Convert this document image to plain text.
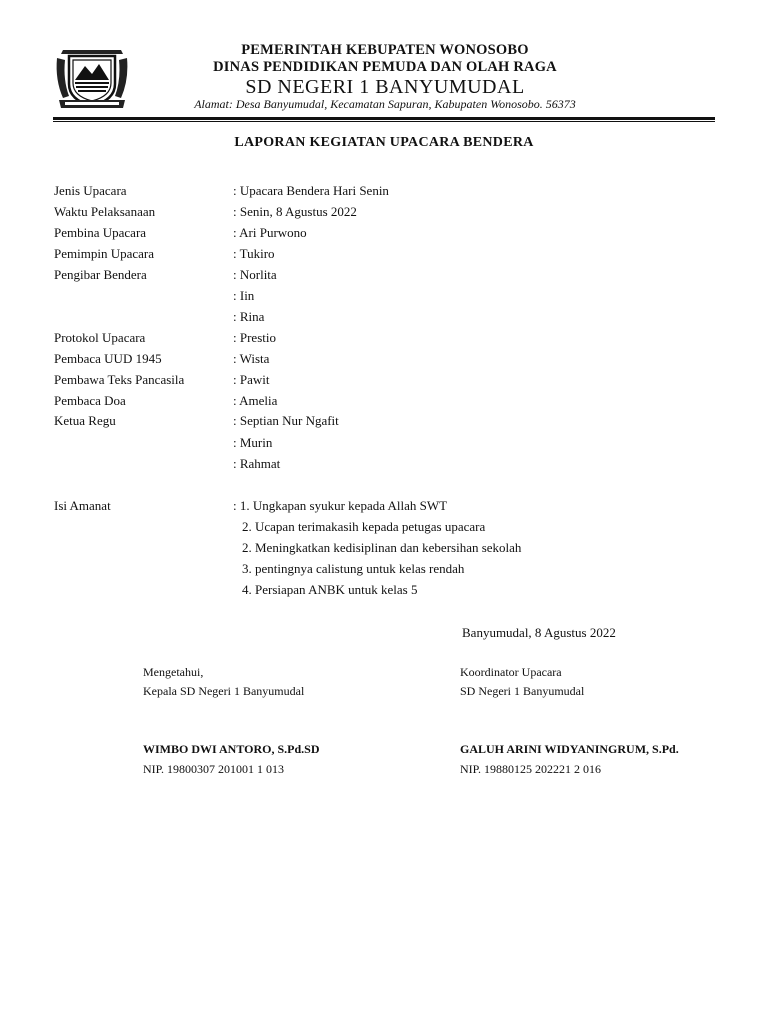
PEMERINTAH KEBUPATEN WONOSOBO
DINAS PENDIDIKAN PEMUDA DAN OLAH RAGA
SD NEGERI 1 BANYUMUDAL
Alamat: Desa Banyumudal, Kecamatan Sapuran, Kabupaten Wonosobo. 56373
LAPORAN KEGIATAN UPACARA BENDERA
Jenis Upacara	: Upacara Bendera Hari Senin
Waktu Pelaksanaan	: Senin, 8 Agustus 2022
Pembina Upacara	: Ari Purwono
Pemimpin Upacara	: Tukiro
Pengibar Bendera	: Norlita
: Iin
: Rina
Protokol Upacara	: Prestio
Pembaca UUD 1945	: Wista
Pembawa Teks Pancasila	: Pawit
Pembaca Doa	: Amelia
Ketua Regu	: Septian Nur Ngafit
: Murin
: Rahmat
Isi Amanat	: 1. Ungkapan syukur kepada Allah SWT
2. Ucapan terimakasih kepada petugas upacara
2. Meningkatkan kedisiplinan dan kebersihan sekolah
3. pentingnya calistung untuk kelas rendah
4. Persiapan ANBK untuk kelas 5
Banyumudal, 8 Agustus 2022
Mengetahui,
Kepala SD Negeri 1 Banyumudal
WIMBO DWI ANTORO, S.Pd.SD
NIP. 19800307 201001 1 013
Koordinator Upacara
SD Negeri 1 Banyumudal
GALUH ARINI WIDYANINGRUM, S.Pd.
NIP. 19880125 202221 2 016
